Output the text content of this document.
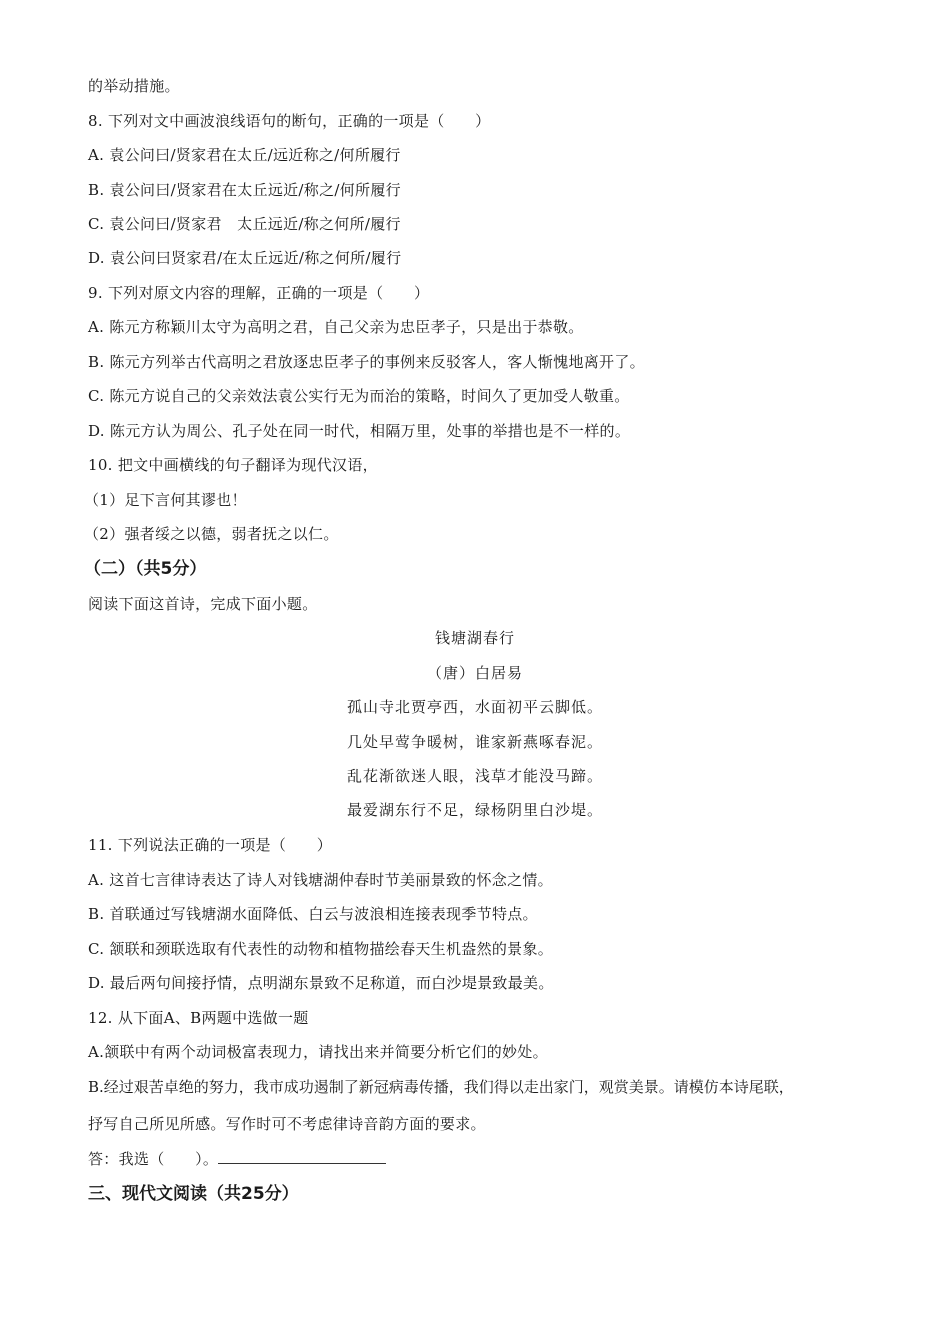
的举动措施。
8. 下列对文中画波浪线语句的断句，正确的一项是（　　）
A. 袁公问曰/贤家君在太丘/远近称之/何所履行
B. 袁公问曰/贤家君在太丘远近/称之/何所履行
C. 袁公问曰/贤家君　太丘远近/称之何所/履行
D. 袁公问曰贤家君/在太丘远近/称之何所/履行
9. 下列对原文内容的理解，正确的一项是（　　）
A. 陈元方称颖川太守为高明之君，自己父亲为忠臣孝子，只是出于恭敬。
B. 陈元方列举古代高明之君放逐忠臣孝子的事例来反驳客人，客人惭愧地离开了。
C. 陈元方说自己的父亲效法袁公实行无为而治的策略，时间久了更加受人敬重。
D. 陈元方认为周公、孔子处在同一时代，相隔万里，处事的举措也是不一样的。
10. 把文中画横线的句子翻译为现代汉语，
（1）足下言何其谬也！
（2）强者绥之以德，弱者抚之以仁。
（二）（共5分）
阅读下面这首诗，完成下面小题。
钱塘湖春行
（唐）白居易
孤山寺北贾亭西，水面初平云脚低。
几处早莺争暖树，谁家新燕啄春泥。
乱花渐欲迷人眼，浅草才能没马蹄。
最爱湖东行不足，绿杨阴里白沙堤。
11. 下列说法正确的一项是（　　）
A. 这首七言律诗表达了诗人对钱塘湖仲春时节美丽景致的怀念之情。
B. 首联通过写钱塘湖水面降低、白云与波浪相连接表现季节特点。
C. 颔联和颈联选取有代表性的动物和植物描绘春天生机盎然的景象。
D. 最后两句间接抒情，点明湖东景致不足称道，而白沙堤景致最美。
12. 从下面A、B两题中选做一题
A.颔联中有两个动词极富表现力，请找出来并简要分析它们的妙处。
B.经过艰苦卓绝的努力，我市成功遏制了新冠病毒传播，我们得以走出家门，观赏美景。请模仿本诗尾联，
抒写自己所见所感。写作时可不考虑律诗音韵方面的要求。
答：我选（　　）。
三、现代文阅读（共25分）
